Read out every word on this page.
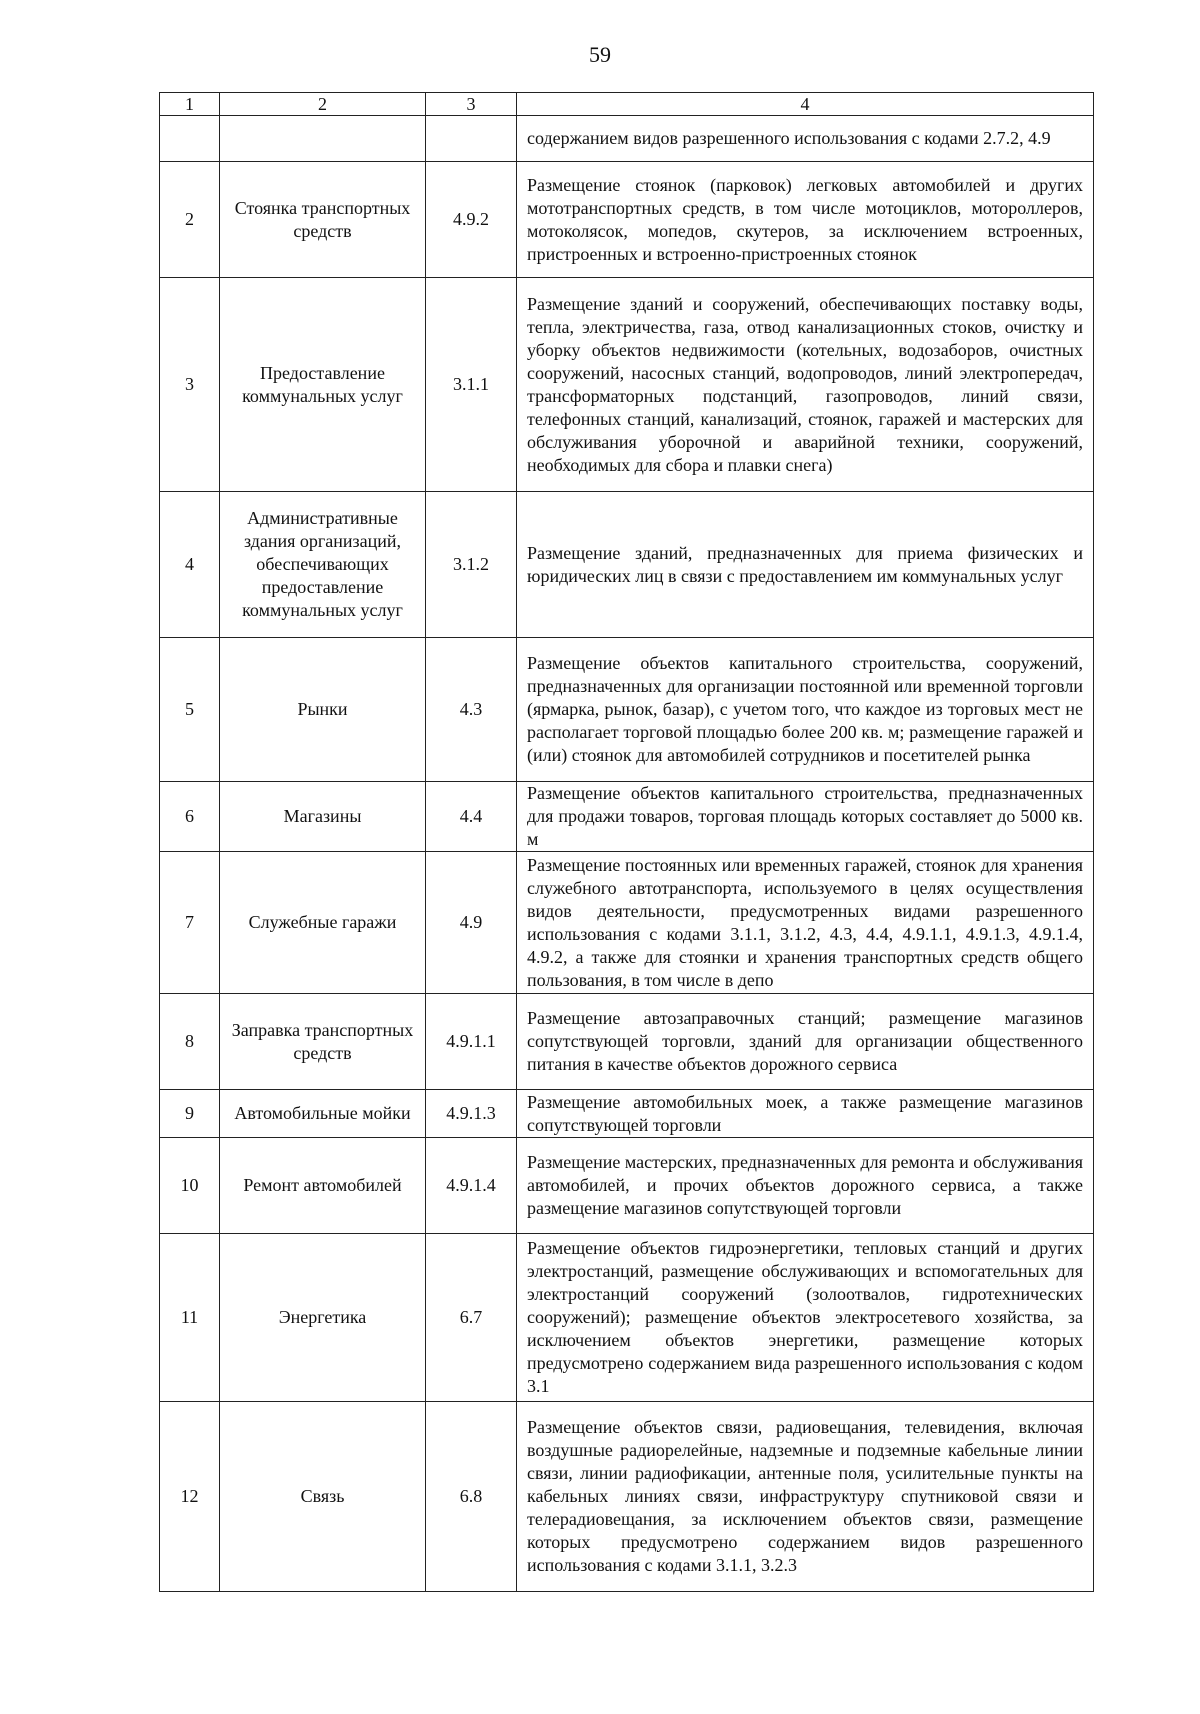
59
1	2	3	4
			содержанием видов разрешенного использования с кодами 2.7.2, 4.9
2	Стоянка транспортных средств	4.9.2	Размещение стоянок (парковок) легковых автомобилей и других мототранспортных средств, в том числе мотоциклов, мотороллеров, мотоколясок, мопедов, скутеров, за исключением встроенных, пристроенных и встроенно-пристроенных стоянок
3	Предоставление коммунальных услуг	3.1.1	Размещение зданий и сооружений, обеспечивающих поставку воды, тепла, электричества, газа, отвод канализационных стоков, очистку и уборку объектов недвижимости (котельных, водозаборов, очистных сооружений, насосных станций, водопроводов, линий электропередач, трансформаторных подстанций, газопроводов, линий связи, телефонных станций, канализаций, стоянок, гаражей и мастерских для обслуживания уборочной и аварийной техники, сооружений, необходимых для сбора и плавки снега)
4	Административные здания организаций, обеспечивающих предоставление коммунальных услуг	3.1.2	Размещение зданий, предназначенных для приема физических и юридических лиц в связи с предоставлением им коммунальных услуг
5	Рынки	4.3	Размещение объектов капитального строительства, сооружений, предназначенных для организации постоянной или временной торговли (ярмарка, рынок, базар), с учетом того, что каждое из торговых мест не располагает торговой площадью более 200 кв. м; размещение гаражей и (или) стоянок для автомобилей сотрудников и посетителей рынка
6	Магазины	4.4	Размещение объектов капитального строительства, предназначенных для продажи товаров, торговая площадь которых составляет до 5000 кв. м
7	Служебные гаражи	4.9	Размещение постоянных или временных гаражей, стоянок для хранения служебного автотранспорта, используемого в целях осуществления видов деятельности, предусмотренных видами разрешенного использования с кодами 3.1.1, 3.1.2, 4.3, 4.4, 4.9.1.1, 4.9.1.3, 4.9.1.4, 4.9.2, а также для стоянки и хранения транспортных средств общего пользования, в том числе в депо
8	Заправка транспортных средств	4.9.1.1	Размещение автозаправочных станций; размещение магазинов сопутствующей торговли, зданий для организации общественного питания в качестве объектов дорожного сервиса
9	Автомобильные мойки	4.9.1.3	Размещение автомобильных моек, а также размещение магазинов сопутствующей торговли
10	Ремонт автомобилей	4.9.1.4	Размещение мастерских, предназначенных для ремонта и обслуживания автомобилей, и прочих объектов дорожного сервиса, а также размещение магазинов сопутствующей торговли
11	Энергетика	6.7	Размещение объектов гидроэнергетики, тепловых станций и других электростанций, размещение обслуживающих и вспомогательных для электростанций сооружений (золоотвалов, гидротехнических сооружений); размещение объектов электросетевого хозяйства, за исключением объектов энергетики, размещение которых предусмотрено содержанием вида разрешенного использования с кодом 3.1
12	Связь	6.8	Размещение объектов связи, радиовещания, телевидения, включая воздушные радиорелейные, надземные и подземные кабельные линии связи, линии радиофикации, антенные поля, усилительные пункты на кабельных линиях связи, инфраструктуру спутниковой связи и телерадиовещания, за исключением объектов связи, размещение которых предусмотрено содержанием видов разрешенного использования с кодами 3.1.1, 3.2.3
